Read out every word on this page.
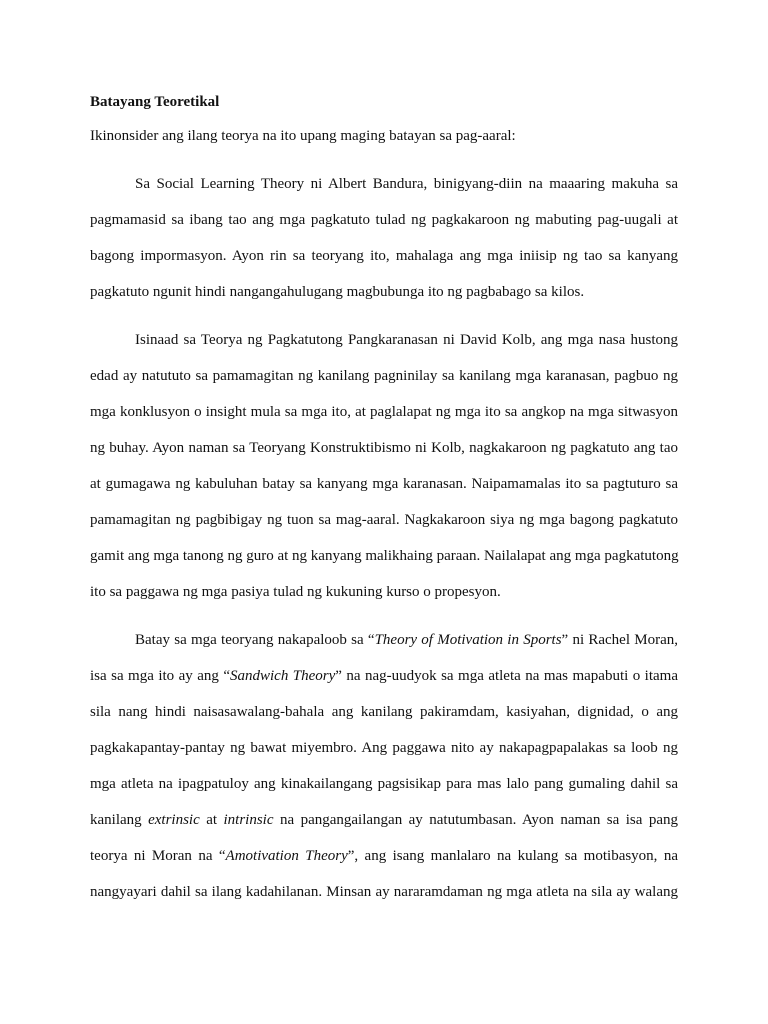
Batayang Teoretikal
Ikinonsider ang ilang teorya na ito upang maging batayan sa pag-aaral:
Sa Social Learning Theory ni Albert Bandura, binigyang-diin na maaaring makuha sa
pagmamasid sa ibang tao ang mga pagkatuto tulad ng pagkakaroon ng mabuting pag-uugali at
bagong impormasyon. Ayon rin sa teoryang ito, mahalaga ang mga iniisip ng tao sa kanyang
pagkatuto ngunit hindi nangangahulugang magbubunga ito ng pagbabago sa kilos.
Isinaad sa Teorya ng Pagkatutong Pangkaranasan ni David Kolb, ang mga nasa hustong
edad ay natututo sa pamamagitan ng kanilang pagninilay sa kanilang mga karanasan, pagbuo ng
mga konklusyon o insight mula sa mga ito, at paglalapat ng mga ito sa angkop na mga sitwasyon
ng buhay. Ayon naman sa Teoryang Konstruktibismo ni Kolb, nagkakaroon ng pagkatuto ang tao
at gumagawa ng kabuluhan batay sa kanyang mga karanasan. Naipamamalas ito sa pagtuturo sa
pamamagitan ng pagbibigay ng tuon sa mag-aaral. Nagkakaroon siya ng mga bagong pagkatuto
gamit ang mga tanong ng guro at ng kanyang malikhaing paraan. Nailalapat ang mga pagkatutong
ito sa paggawa ng mga pasiya tulad ng kukuning kurso o propesyon.
Batay sa mga teoryang nakapaloob sa “Theory of Motivation in Sports” ni Rachel Moran,
isa sa mga ito ay ang “Sandwich Theory” na nag-uudyok sa mga atleta na mas mapabuti o itama
sila nang hindi naisasawalang-bahala ang kanilang pakiramdam, kasiyahan, dignidad, o ang
pagkakapantay-pantay ng bawat miyembro. Ang paggawa nito ay nakapagpapalakas sa loob ng
mga atleta na ipagpatuloy ang kinakailangang pagsisikap para mas lalo pang gumaling dahil sa
kanilang extrinsic at intrinsic na pangangailangan ay natutumbasan. Ayon naman sa isa pang
teorya ni Moran na “Amotivation Theory”, ang isang manlalaro na kulang sa motibasyon, na
nangyayari dahil sa ilang kadahilanan. Minsan ay nararamdaman ng mga atleta na sila ay walang
